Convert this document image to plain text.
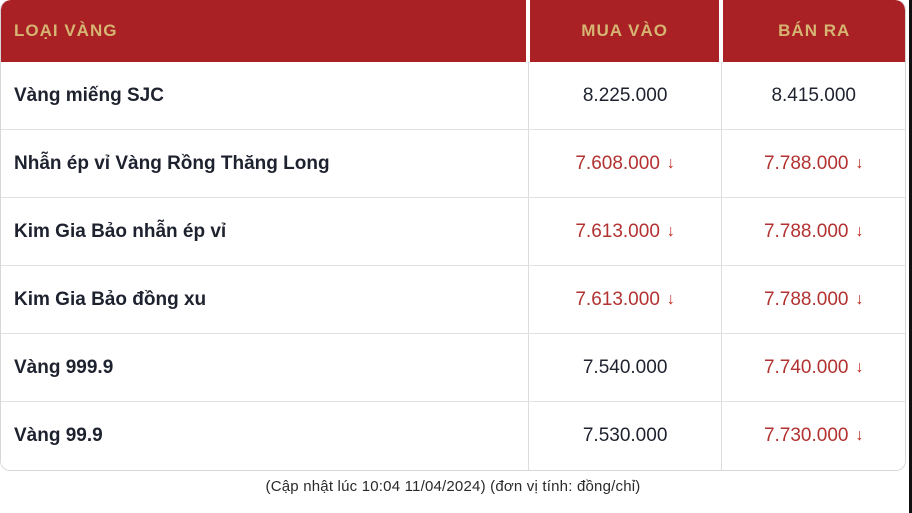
LOẠI VÀNG	MUA VÀO	BÁN RA
Vàng miếng SJC	8.225.000	8.415.000
Nhẫn ép vỉ Vàng Rồng Thăng Long	7.608.000 ↓	7.788.000 ↓
Kim Gia Bảo nhẫn ép vỉ	7.613.000 ↓	7.788.000 ↓
Kim Gia Bảo đồng xu	7.613.000 ↓	7.788.000 ↓
Vàng 999.9	7.540.000	7.740.000 ↓
Vàng 99.9	7.530.000	7.730.000 ↓
(Cập nhật lúc 10:04 11/04/2024) (đơn vị tính: đồng/chỉ)
